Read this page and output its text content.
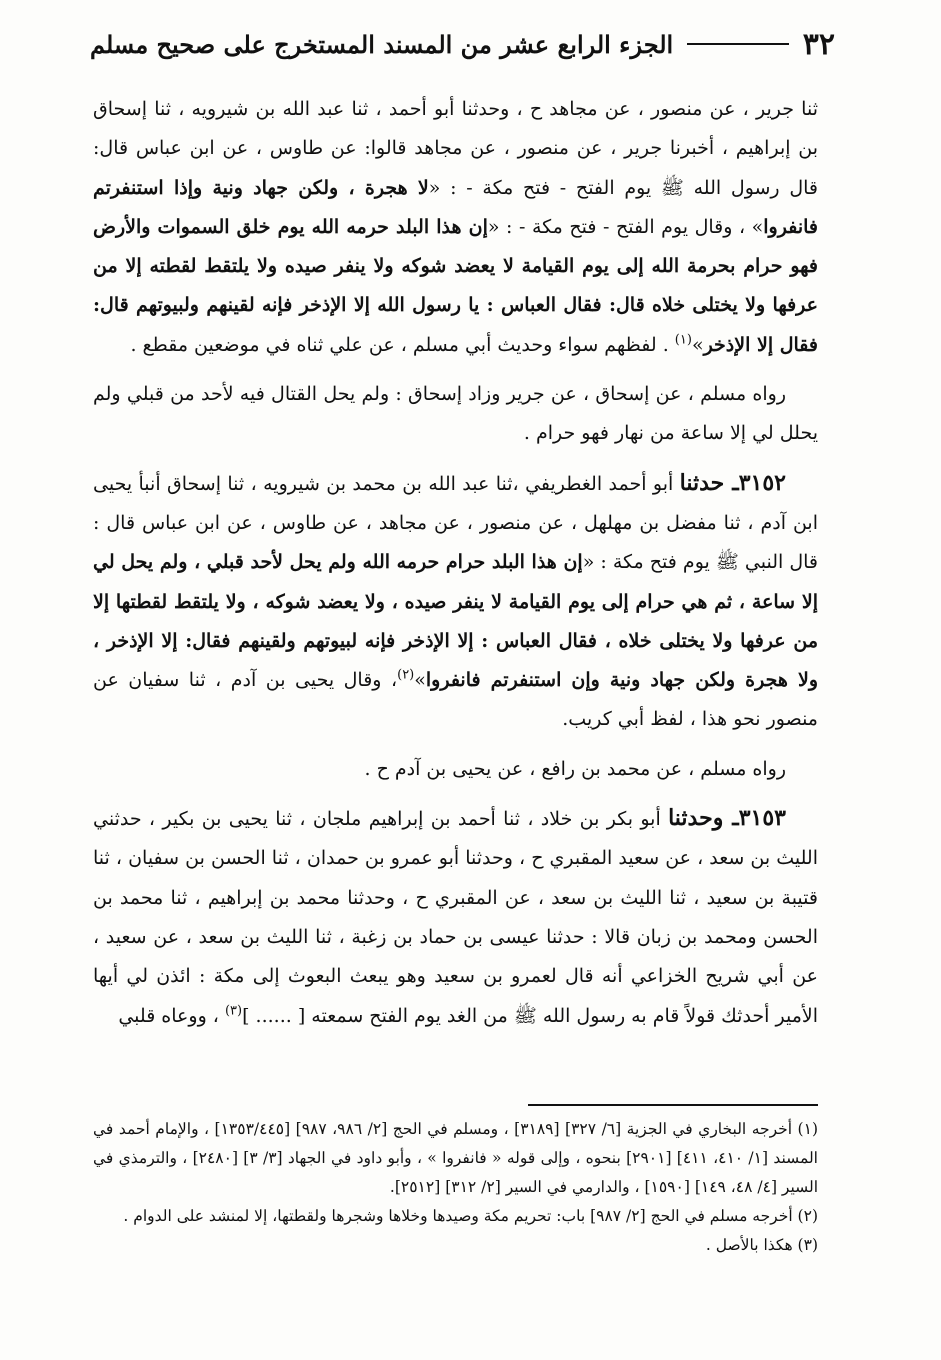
٣٢
الجزء الرابع عشر من المسند المستخرج على صحيح مسلم

ثنا جرير ، عن منصور ، عن مجاهد ح ، وحدثنا أبو أحمد ، ثنا عبد الله بن شيرويه ، ثنا إسحاق بن إبراهيم ، أخبرنا جرير ، عن منصور ، عن مجاهد قالوا: عن طاوس ، عن ابن عباس قال: قال رسول الله ﷺ يوم الفتح - فتح مكة - : «لا هجرة ، ولكن جهاد ونية وإذا استنفرتم فانفروا» ، وقال يوم الفتح - فتح مكة - : «إن هذا البلد حرمه الله يوم خلق السموات والأرض فهو حرام بحرمة الله إلى يوم القيامة لا يعضد شوكه ولا ينفر صيده ولا يلتقط لقطته إلا من عرفها ولا يختلى خلاه قال: فقال العباس : يا رسول الله إلا الإذخر فإنه لقينهم ولبيوتهم قال: فقال إلا الإذخر»$^{(١)}$ . لفظهم سواء وحديث أبي مسلم ، عن علي ثناه في موضعين مقطع .

رواه مسلم ، عن إسحاق ، عن جرير وزاد إسحاق : ولم يحل القتال فيه لأحد من قبلي ولم يحلل لي إلا ساعة من نهار فهو حرام .

٣١٥٢ـ حدثنا أبو أحمد الغطريفي ،ثنا عبد الله بن محمد بن شيرويه ، ثنا إسحاق أنبأ يحيى ابن آدم ، ثنا مفضل بن مهلهل ، عن منصور ، عن مجاهد ، عن طاوس ، عن ابن عباس قال : قال النبي ﷺ يوم فتح مكة : «إن هذا البلد حرام حرمه الله ولم يحل لأحد قبلي ، ولم يحل لي إلا ساعة ، ثم هي حرام إلى يوم القيامة لا ينفر صيده ، ولا يعضد شوكه ، ولا يلتقط لقطتها إلا من عرفها ولا يختلى خلاه ، فقال العباس : إلا الإذخر فإنه لبيوتهم ولقينهم فقال: إلا الإذخر ، ولا هجرة ولكن جهاد ونية وإن استنفرتم فانفروا»$^{(٢)}$، وقال يحيى بن آدم ، ثنا سفيان عن منصور نحو هذا ، لفظ أبي كريب.

رواه مسلم ، عن محمد بن رافع ، عن يحيى بن آدم ح .

٣١٥٣ـ وحدثنا أبو بكر بن خلاد ، ثنا أحمد بن إبراهيم ملجان ، ثنا يحيى بن بكير ، حدثني الليث بن سعد ، عن سعيد المقبري ح ، وحدثنا أبو عمرو بن حمدان ، ثنا الحسن بن سفيان ، ثنا قتيبة بن سعيد ، ثنا الليث بن سعد ، عن المقبري ح ، وحدثنا محمد بن إبراهيم ، ثنا محمد بن الحسن ومحمد بن زبان قالا : حدثنا عيسى بن حماد بن زغبة ، ثنا الليث بن سعد ، عن سعيد ، عن أبي شريح الخزاعي أنه قال لعمرو بن سعيد وهو يبعث البعوث إلى مكة : ائذن لي أيها الأمير أحدثك قولاً قام به رسول الله ﷺ من الغد يوم الفتح سمعته [ ...... ]$^{(٣)}$ ، ووعاه قلبي

(١) أخرجه البخاري في الجزية [٦/ ٣٢٧] [٣١٨٩] ، ومسلم في الحج [٢/ ٩٨٦، ٩٨٧] [١٣٥٣/٤٤٥] ، والإمام أحمد في المسند [١/ ٤١٠، ٤١١] [٢٩٠١] بنحوه ، وإلى قوله « فانفروا » ، وأبو داود في الجهاد [٣/ ٣] [٢٤٨٠] ، والترمذي في السير [٤/ ٤٨، ١٤٩] [١٥٩٠] ، والدارمي في السير [٢/ ٣١٢] [٢٥١٢].

(٢) أخرجه مسلم في الحج [٢/ ٩٨٧] باب: تحريم مكة وصيدها وخلاها وشجرها ولقطتها، إلا لمنشد على الدوام .

(٣) هكذا بالأصل .
